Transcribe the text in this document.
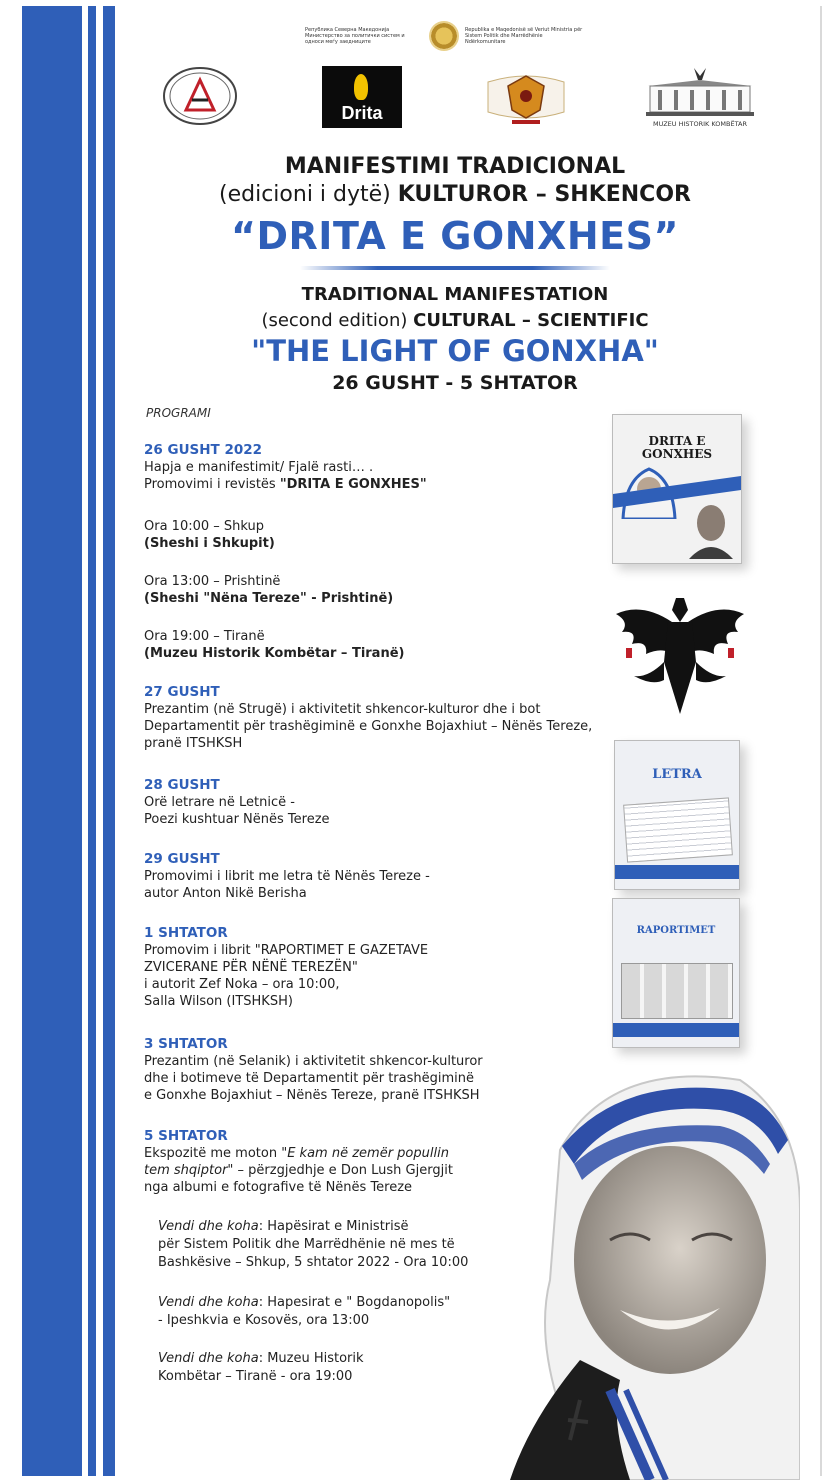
Република Северна Македонија Министерство за политички систем и односи меѓу заедниците
Republika e Maqedonisë së Veriut Ministria për Sistem Politik dhe Marrëdhënie Ndërkomunitare
Drita
MUZEU HISTORIK KOMBËTAR
MANIFESTIMI TRADICIONAL
(edicioni i dytë) KULTUROR – SHKENCOR
“DRITA E GONXHES”
TRADITIONAL MANIFESTATION
(second edition) CULTURAL – SCIENTIFIC
"THE LIGHT OF GONXHA"
26 GUSHT - 5 SHTATOR
PROGRAMI
26 GUSHT 2022
Hapja e manifestimit/ Fjalë rasti… .
Promovimi i revistës "DRITA E GONXHES"
Ora 10:00 – Shkup
(Sheshi i Shkupit)
Ora 13:00 – Prishtinë
(Sheshi "Nëna Tereze" - Prishtinë)
Ora 19:00 – Tiranë
(Muzeu Historik Kombëtar – Tiranë)
27 GUSHT
Prezantim (në Strugë) i aktivitetit shkencor-kulturor dhe i bot
Departamentit për trashëgiminë e Gonxhe Bojaxhiut – Nënës Tereze,
pranë ITSHKSH
28 GUSHT
Orë letrare në Letnicë -
Poezi kushtuar Nënës Tereze
29 GUSHT
Promovimi i librit me letra të Nënës Tereze -
autor Anton Nikë Berisha
1 SHTATOR
Promovim i librit "RAPORTIMET E GAZETAVE
ZVICERANE PËR NËNË TEREZËN"
i autorit Zef Noka – ora 10:00,
Salla Wilson (ITSHKSH)
3 SHTATOR
Prezantim (në Selanik) i aktivitetit shkencor-kulturor
dhe i botimeve të Departamentit për trashëgiminë
e Gonxhe Bojaxhiut – Nënës Tereze, pranë ITSHKSH
5 SHTATOR
Ekspozitë me moton "E kam në zemër popullin
tem shqiptor" – përzgjedhje e Don Lush Gjergjit
nga albumi e fotografive të Nënës Tereze
Vendi dhe koha: Hapësirat e Ministrisë
për Sistem Politik dhe Marrëdhënie në mes të
Bashkësive – Shkup, 5 shtator 2022 - Ora 10:00
Vendi dhe koha: Hapesirat e " Bogdanopolis"
- Ipeshkvia e Kosovës, ora 13:00
Vendi dhe koha: Muzeu Historik
Kombëtar – Tiranë - ora 19:00
DRITA E GONXHES
LETRA
RAPORTIMET
